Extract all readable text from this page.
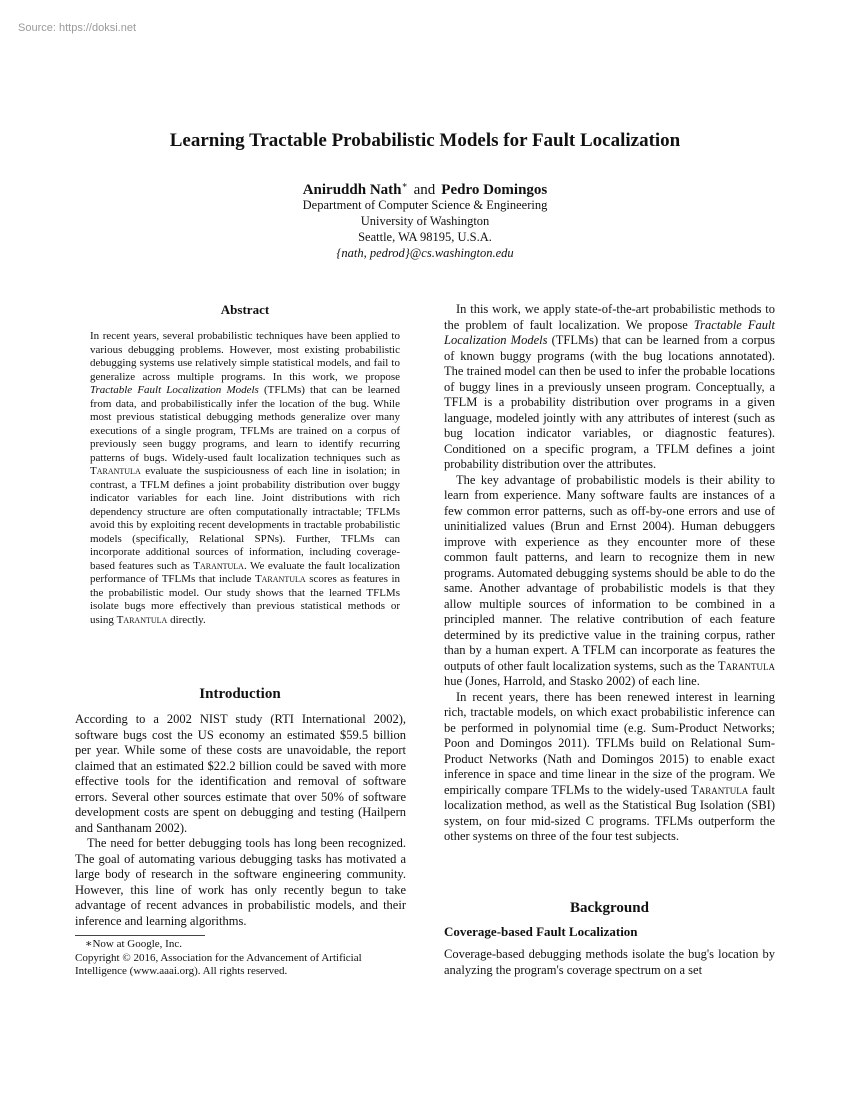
Source: https://doksi.net
Learning Tractable Probabilistic Models for Fault Localization
Aniruddh Nath∗ and Pedro Domingos
Department of Computer Science & Engineering
University of Washington
Seattle, WA 98195, U.S.A.
{nath, pedrod}@cs.washington.edu
Abstract

In recent years, several probabilistic techniques have been applied to various debugging problems. However, most existing probabilistic debugging systems use relatively simple statistical models, and fail to generalize across multiple programs. In this work, we propose Tractable Fault Localization Models (TFLMs) that can be learned from data, and probabilistically infer the location of the bug. While most previous statistical debugging methods generalize over many executions of a single program, TFLMs are trained on a corpus of previously seen buggy programs, and learn to identify recurring patterns of bugs. Widely-used fault localization techniques such as Tarantula evaluate the suspiciousness of each line in isolation; in contrast, a TFLM defines a joint probability distribution over buggy indicator variables for each line. Joint distributions with rich dependency structure are often computationally intractable; TFLMs avoid this by exploiting recent developments in tractable probabilistic models (specifically, Relational SPNs). Further, TFLMs can incorporate additional sources of information, including coverage-based features such as Tarantula. We evaluate the fault localization performance of TFLMs that include Tarantula scores as features in the probabilistic model. Our study shows that the learned TFLMs isolate bugs more effectively than previous statistical methods or using Tarantula directly.

Introduction

According to a 2002 NIST study (RTI International 2002), software bugs cost the US economy an estimated $59.5 billion per year. While some of these costs are unavoidable, the report claimed that an estimated $22.2 billion could be saved with more effective tools for the identification and removal of software errors. Several other sources estimate that over 50% of software development costs are spent on debugging and testing (Hailpern and Santhanam 2002).

The need for better debugging tools has long been recognized. The goal of automating various debugging tasks has motivated a large body of research in the software engineering community. However, this line of work has only recently begun to take advantage of recent advances in probabilistic models, and their inference and learning algorithms.

∗Now at Google, Inc.
Copyright © 2016, Association for the Advancement of Artificial Intelligence (www.aaai.org). All rights reserved.

In this work, we apply state-of-the-art probabilistic methods to the problem of fault localization. We propose Tractable Fault Localization Models (TFLMs) that can be learned from a corpus of known buggy programs (with the bug locations annotated). The trained model can then be used to infer the probable locations of buggy lines in a previously unseen program. Conceptually, a TFLM is a probability distribution over programs in a given language, modeled jointly with any attributes of interest (such as bug location indicator variables, or diagnostic features). Conditioned on a specific program, a TFLM defines a joint probability distribution over the attributes.

The key advantage of probabilistic models is their ability to learn from experience. Many software faults are instances of a few common error patterns, such as off-by-one errors and use of uninitialized values (Brun and Ernst 2004). Human debuggers improve with experience as they encounter more of these common fault patterns, and learn to recognize them in new programs. Automated debugging systems should be able to do the same. Another advantage of probabilistic models is that they allow multiple sources of information to be combined in a principled manner. The relative contribution of each feature determined by its predictive value in the training corpus, rather than by a human expert. A TFLM can incorporate as features the outputs of other fault localization systems, such as the Tarantula hue (Jones, Harrold, and Stasko 2002) of each line.

In recent years, there has been renewed interest in learning rich, tractable models, on which exact probabilistic inference can be performed in polynomial time (e.g. Sum-Product Networks; Poon and Domingos 2011). TFLMs build on Relational Sum-Product Networks (Nath and Domingos 2015) to enable exact inference in space and time linear in the size of the program. We empirically compare TFLMs to the widely-used Tarantula fault localization method, as well as the Statistical Bug Isolation (SBI) system, on four mid-sized C programs. TFLMs outperform the other systems on three of the four test subjects.

Background
Coverage-based Fault Localization

Coverage-based debugging methods isolate the bug's location by analyzing the program's coverage spectrum on a set
